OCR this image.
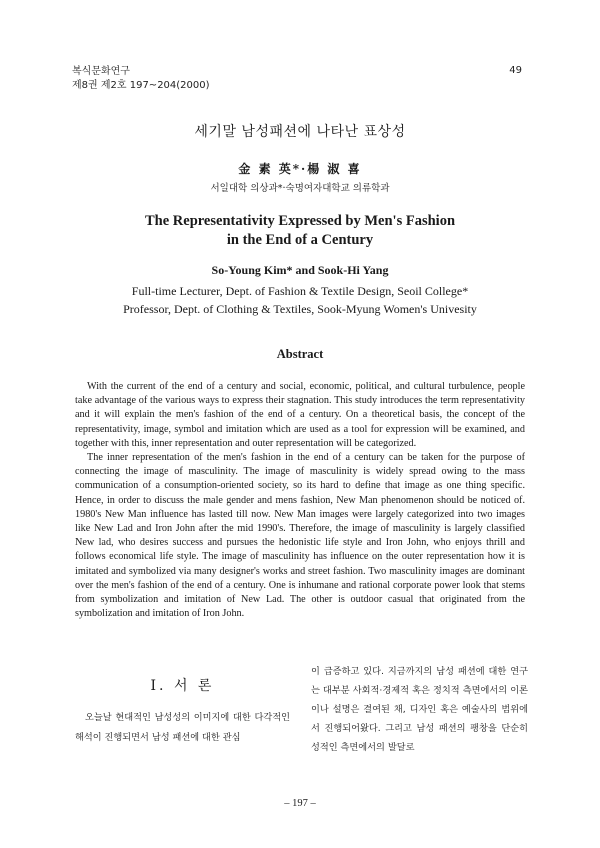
복식문화연구
제8권 제2호 197~204(2000)
49
세기말 남성패션에 나타난 표상성
金 素 英*·楊 淑 喜
서일대학 의상과*·숙명여자대학교 의류학과
The Representativity Expressed by Men's Fashion
in the End of a Century
So-Young Kim* and Sook-Hi Yang
Full-time Lecturer, Dept. of Fashion & Textile Design, Seoil College*
Professor, Dept. of Clothing & Textiles, Sook-Myung Women's Univesity
Abstract

With the current of the end of a century and social, economic, political, and cultural turbulence, people take advantage of the various ways to express their stagnation. This study introduces the term representativity and it will explain the men's fashion of the end of a century. On a theoretical basis, the concept of the representativity, image, symbol and imitation which are used as a tool for expression will be examined, and together with this, inner representation and outer representation will be categorized.

The inner representation of the men's fashion in the end of a century can be taken for the purpose of connecting the image of masculinity. The image of masculinity is widely spread owing to the mass communication of a consumption-oriented society, so its hard to define that image as one thing specific. Hence, in order to discuss the male gender and mens fashion, New Man phenomenon should be noticed of. 1980's New Man influence has lasted till now. New Man images were largely categorized into two images like New Lad and Iron John after the mid 1990's. Therefore, the image of masculinity is largely classified New lad, who desires success and pursues the hedonistic life style and Iron John, who enjoys thrill and follows economical life style. The image of masculinity has influence on the outer representation how it is imitated and symbolized via many designer's works and street fashion. Two masculinity images are dominant over the men's fashion of the end of a century. One is inhumane and rational corporate power look that stems from symbolization and imitation of New Lad. The other is outdoor casual that originated from the symbolization and imitation of Iron John.

Ⅰ. 서 론

오늘날 현대적인 남성성의 이미지에 대한 다각적인 해석이 진행되면서 남성 패션에 대한 관심

이 급증하고 있다. 지금까지의 남성 패션에 대한 연구는 대부분 사회적·경제적 혹은 정치적 측면에서의 이론이나 설명은 결여된 채, 디자인 혹은 예술사의 범위에서 진행되어왔다. 그리고 남성 패션의 팽창을 단순히 성적인 측면에서의 발달로

– 197 –
